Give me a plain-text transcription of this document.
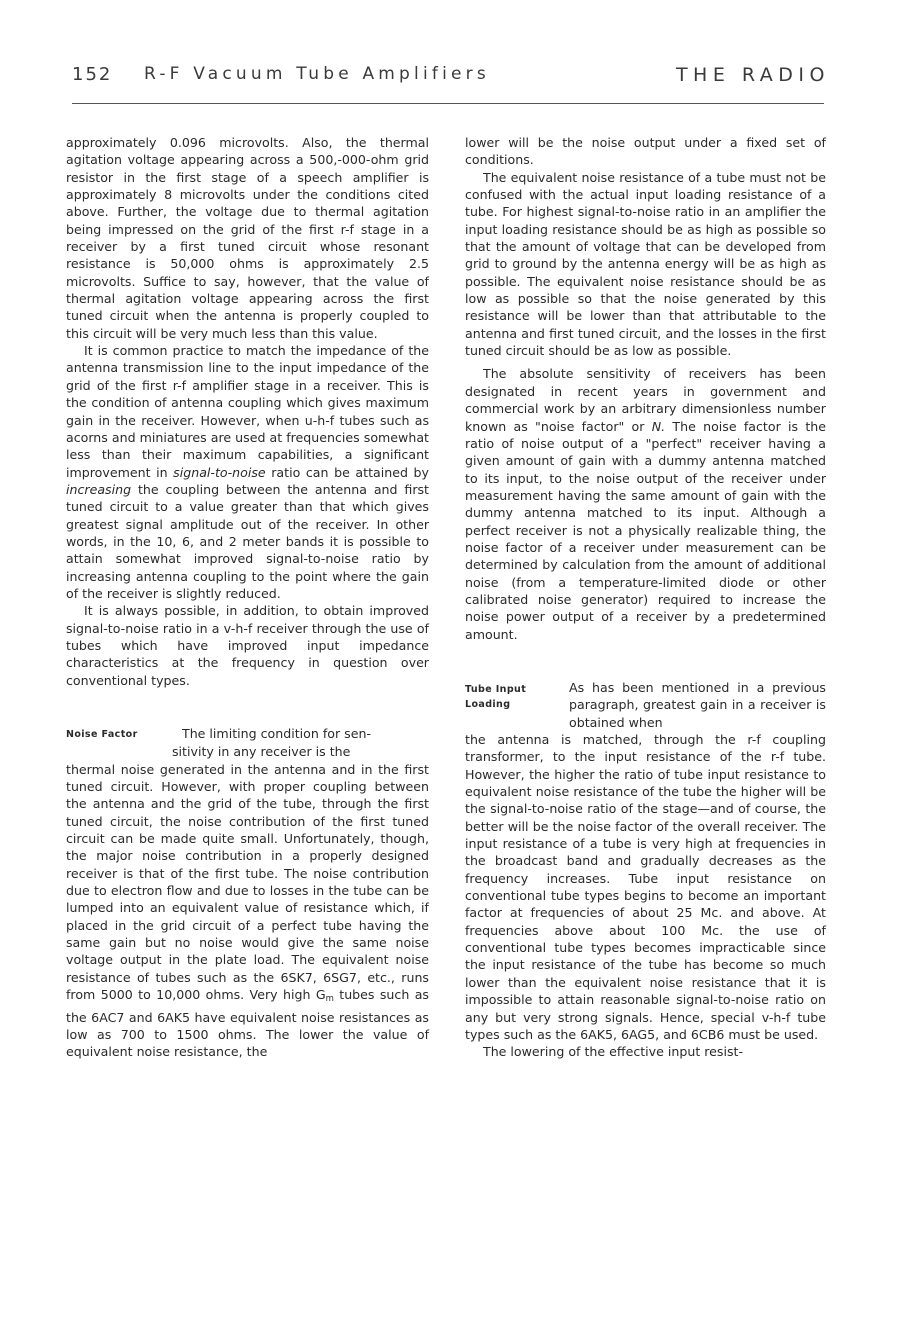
152 R-F Vacuum Tube Amplifiers	THE RADIO

approximately 0.096 microvolts. Also, the thermal agitation voltage appearing across a 500,-000-ohm grid resistor in the first stage of a speech amplifier is approximately 8 microvolts under the conditions cited above. Further, the voltage due to thermal agitation being impressed on the grid of the first r-f stage in a receiver by a first tuned circuit whose resonant resistance is 50,000 ohms is approximately 2.5 microvolts. Suffice to say, however, that the value of thermal agitation voltage appearing across the first tuned circuit when the antenna is properly coupled to this circuit will be very much less than this value.

It is common practice to match the impedance of the antenna transmission line to the input impedance of the grid of the first r-f amplifier stage in a receiver. This is the condition of antenna coupling which gives maximum gain in the receiver. However, when u-h-f tubes such as acorns and miniatures are used at frequencies somewhat less than their maximum capabilities, a significant improvement in signal-to-noise ratio can be attained by increasing the coupling between the antenna and first tuned circuit to a value greater than that which gives greatest signal amplitude out of the receiver. In other words, in the 10, 6, and 2 meter bands it is possible to attain somewhat improved signal-to-noise ratio by increasing antenna coupling to the point where the gain of the receiver is slightly reduced.

It is always possible, in addition, to obtain improved signal-to-noise ratio in a v-h-f receiver through the use of tubes which have improved input impedance characteristics at the frequency in question over conventional types.

Noise Factor	The limiting condition for sen-

sitivity in any receiver is the

thermal noise generated in the antenna and in the first tuned circuit. However, with proper coupling between the antenna and the grid of the tube, through the first tuned circuit, the noise contribution of the first tuned circuit can be made quite small. Unfortunately, though, the major noise contribution in a properly designed receiver is that of the first tube. The noise contribution due to electron flow and due to losses in the tube can be lumped into an equivalent value of resistance which, if placed in the grid circuit of a perfect tube having the same gain but no noise would give the same noise voltage output in the plate load. The equivalent noise resistance of tubes such as the 6SK7, 6SG7, etc., runs from 5000 to 10,000 ohms. Very high $G_m$ tubes such as the 6AC7 and 6AK5 have equivalent noise resistances as low as 700 to 1500 ohms. The lower the value of equivalent noise resistance, the

lower will be the noise output under a fixed set of conditions.

The equivalent noise resistance of a tube must not be confused with the actual input loading resistance of a tube. For highest signal-to-noise ratio in an amplifier the input loading resistance should be as high as possible so that the amount of voltage that can be developed from grid to ground by the antenna energy will be as high as possible. The equivalent noise resistance should be as low as possible so that the noise generated by this resistance will be lower than that attributable to the antenna and first tuned circuit, and the losses in the first tuned circuit should be as low as possible.

The absolute sensitivity of receivers has been designated in recent years in government and commercial work by an arbitrary dimensionless number known as "noise factor" or N. The noise factor is the ratio of noise output of a "perfect" receiver having a given amount of gain with a dummy antenna matched to its input, to the noise output of the receiver under measurement having the same amount of gain with the dummy antenna matched to its input. Although a perfect receiver is not a physically realizable thing, the noise factor of a receiver under measurement can be determined by calculation from the amount of additional noise (from a temperature-limited diode or other calibrated noise generator) required to increase the noise power output of a receiver by a predetermined amount.

Tube Input
Loading
As has been mentioned in a previous paragraph, greatest gain in a receiver is obtained when

the antenna is matched, through the r-f coupling transformer, to the input resistance of the r-f tube. However, the higher the ratio of tube input resistance to equivalent noise resistance of the tube the higher will be the signal-to-noise ratio of the stage—and of course, the better will be the noise factor of the overall receiver. The input resistance of a tube is very high at frequencies in the broadcast band and gradually decreases as the frequency increases. Tube input resistance on conventional tube types begins to become an important factor at frequencies of about 25 Mc. and above. At frequencies above about 100 Mc. the use of conventional tube types becomes impracticable since the input resistance of the tube has become so much lower than the equivalent noise resistance that it is impossible to attain reasonable signal-to-noise ratio on any but very strong signals. Hence, special v-h-f tube types such as the 6AK5, 6AG5, and 6CB6 must be used.

The lowering of the effective input resist-
